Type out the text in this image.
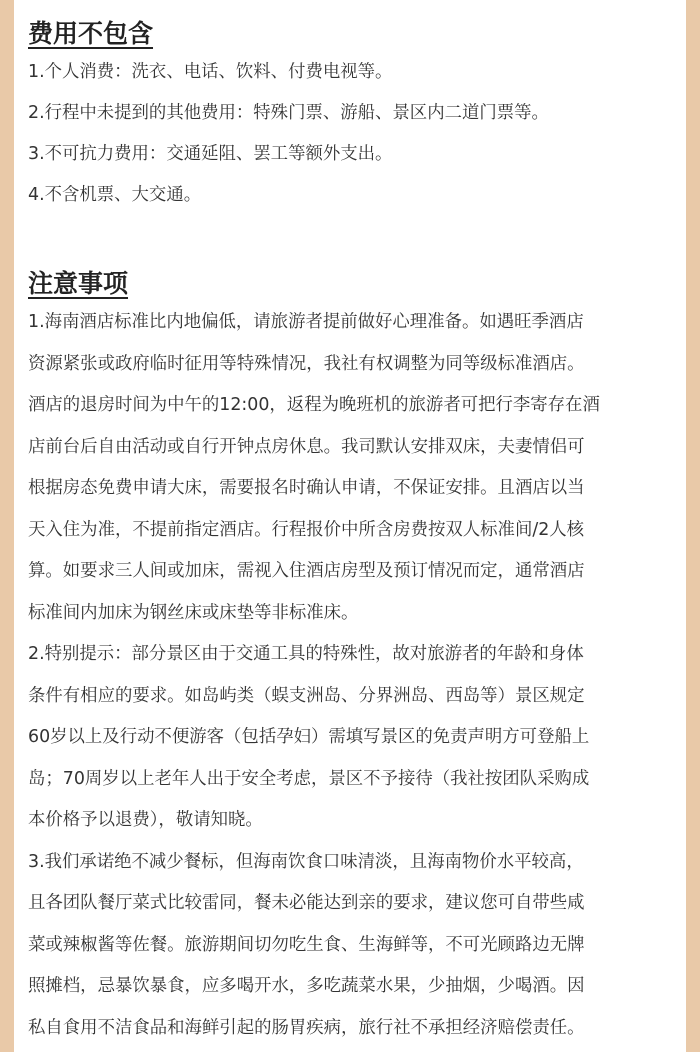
费用不包含

1.个人消费：洗衣、电话、饮料、付费电视等。

2.行程中未提到的其他费用：特殊门票、游船、景区内二道门票等。

3.不可抗力费用：交通延阻、罢工等额外支出。

4.不含机票、大交通。

注意事项

1.海南酒店标准比内地偏低，请旅游者提前做好心理准备。如遇旺季酒店

资源紧张或政府临时征用等特殊情况，我社有权调整为同等级标准酒店。

酒店的退房时间为中午的12:00，返程为晚班机的旅游者可把行李寄存在酒

店前台后自由活动或自行开钟点房休息。我司默认安排双床，夫妻情侣可

根据房态免费申请大床，需要报名时确认申请，不保证安排。且酒店以当

天入住为准，不提前指定酒店。行程报价中所含房费按双人标准间/2人核

算。如要求三人间或加床，需视入住酒店房型及预订情况而定，通常酒店

标准间内加床为钢丝床或床垫等非标准床。

2.特别提示：部分景区由于交通工具的特殊性，故对旅游者的年龄和身体

条件有相应的要求。如岛屿类（蜈支洲岛、分界洲岛、西岛等）景区规定

60岁以上及行动不便游客（包括孕妇）需填写景区的免责声明方可登船上

岛；70周岁以上老年人出于安全考虑，景区不予接待（我社按团队采购成

本价格予以退费），敬请知晓。

3.我们承诺绝不减少餐标，但海南饮食口味清淡，且海南物价水平较高，

且各团队餐厅菜式比较雷同，餐未必能达到亲的要求，建议您可自带些咸

菜或辣椒酱等佐餐。旅游期间切勿吃生食、生海鲜等，不可光顾路边无牌

照摊档，忌暴饮暴食，应多喝开水，多吃蔬菜水果，少抽烟，少喝酒。因

私自食用不洁食品和海鲜引起的肠胃疾病，旅行社不承担经济赔偿责任。
